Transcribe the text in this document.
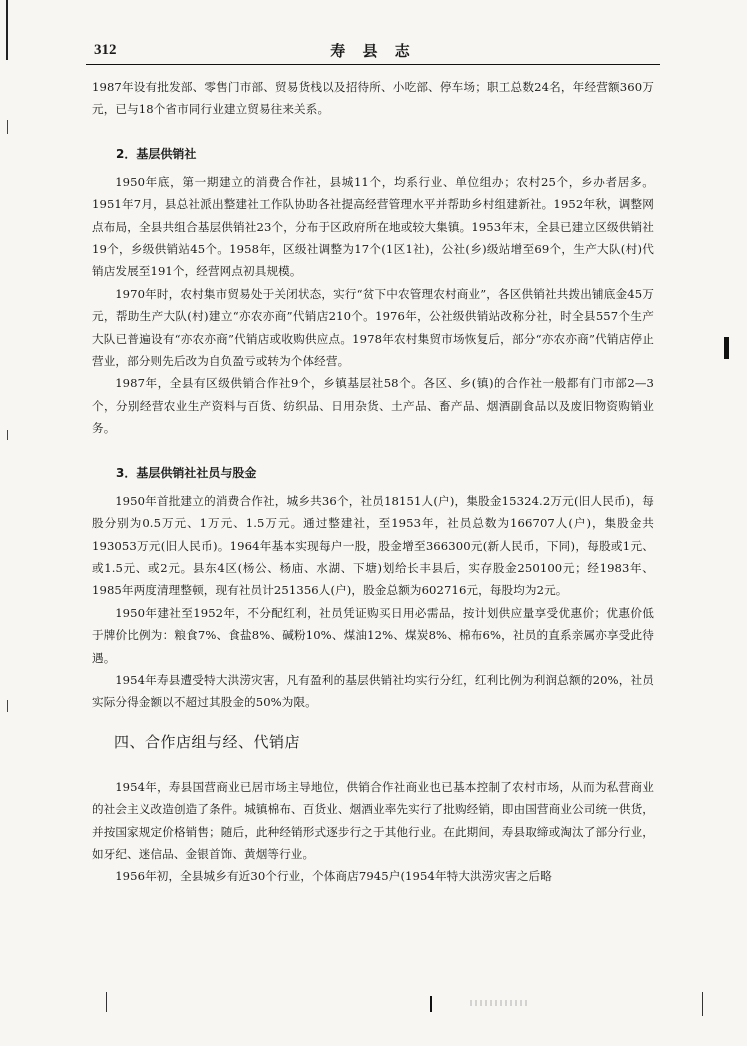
312	寿 县 志

1987年设有批发部、零售门市部、贸易货栈以及招待所、小吃部、停车场；职工总数24名，年经营额360万元，已与18个省市同行业建立贸易往来关系。

2．基层供销社

1950年底，第一期建立的消费合作社，县城11个，均系行业、单位组办；农村25个，乡办者居多。1951年7月，县总社派出整建社工作队协助各社提高经营管理水平并帮助乡村组建新社。1952年秋，调整网点布局，全县共组合基层供销社23个，分布于区政府所在地或较大集镇。1953年末，全县已建立区级供销社19个，乡级供销站45个。1958年，区级社调整为17个(1区1社)，公社(乡)级站增至69个，生产大队(村)代销店发展至191个，经营网点初具规模。

1970年时，农村集市贸易处于关闭状态，实行“贫下中农管理农村商业”，各区供销社共拨出铺底金45万元，帮助生产大队(村)建立“亦农亦商”代销店210个。1976年，公社级供销站改称分社，时全县557个生产大队已普遍设有“亦农亦商”代销店或收购供应点。1978年农村集贸市场恢复后，部分“亦农亦商”代销店停止营业，部分则先后改为自负盈亏或转为个体经营。

1987年，全县有区级供销合作社9个，乡镇基层社58个。各区、乡(镇)的合作社一般都有门市部2—3个，分别经营农业生产资料与百货、纺织品、日用杂货、土产品、畜产品、烟酒副食品以及废旧物资购销业务。

3．基层供销社社员与股金

1950年首批建立的消费合作社，城乡共36个，社员18151人(户)，集股金15324.2万元(旧人民币)，每股分别为0.5万元、1万元、1.5万元。通过整建社，至1953年，社员总数为166707人(户)，集股金共193053万元(旧人民币)。1964年基本实现每户一股，股金增至366300元(新人民币，下同)，每股或1元、或1.5元、或2元。县东4区(杨公、杨庙、水湖、下塘)划给长丰县后，实存股金250100元；经1983年、1985年两度清理整顿，现有社员计251356人(户)，股金总额为602716元，每股均为2元。

1950年建社至1952年，不分配红利，社员凭证购买日用必需品，按计划供应量享受优惠价；优惠价低于牌价比例为：粮食7%、食盐8%、碱粉10%、煤油12%、煤炭8%、棉布6%，社员的直系亲属亦享受此待遇。

1954年寿县遭受特大洪涝灾害，凡有盈利的基层供销社均实行分红，红利比例为利润总额的20%，社员实际分得金额以不超过其股金的50%为限。

四、合作店组与经、代销店

1954年，寿县国营商业已居市场主导地位，供销合作社商业也已基本控制了农村市场，从而为私营商业的社会主义改造创造了条件。城镇棉布、百货业、烟酒业率先实行了批购经销，即由国营商业公司统一供货，并按国家规定价格销售；随后，此种经销形式逐步行之于其他行业。在此期间，寿县取缔或淘汰了部分行业，如牙纪、迷信品、金银首饰、黄烟等行业。

1956年初，全县城乡有近30个行业，个体商店7945户(1954年特大洪涝灾害之后略
